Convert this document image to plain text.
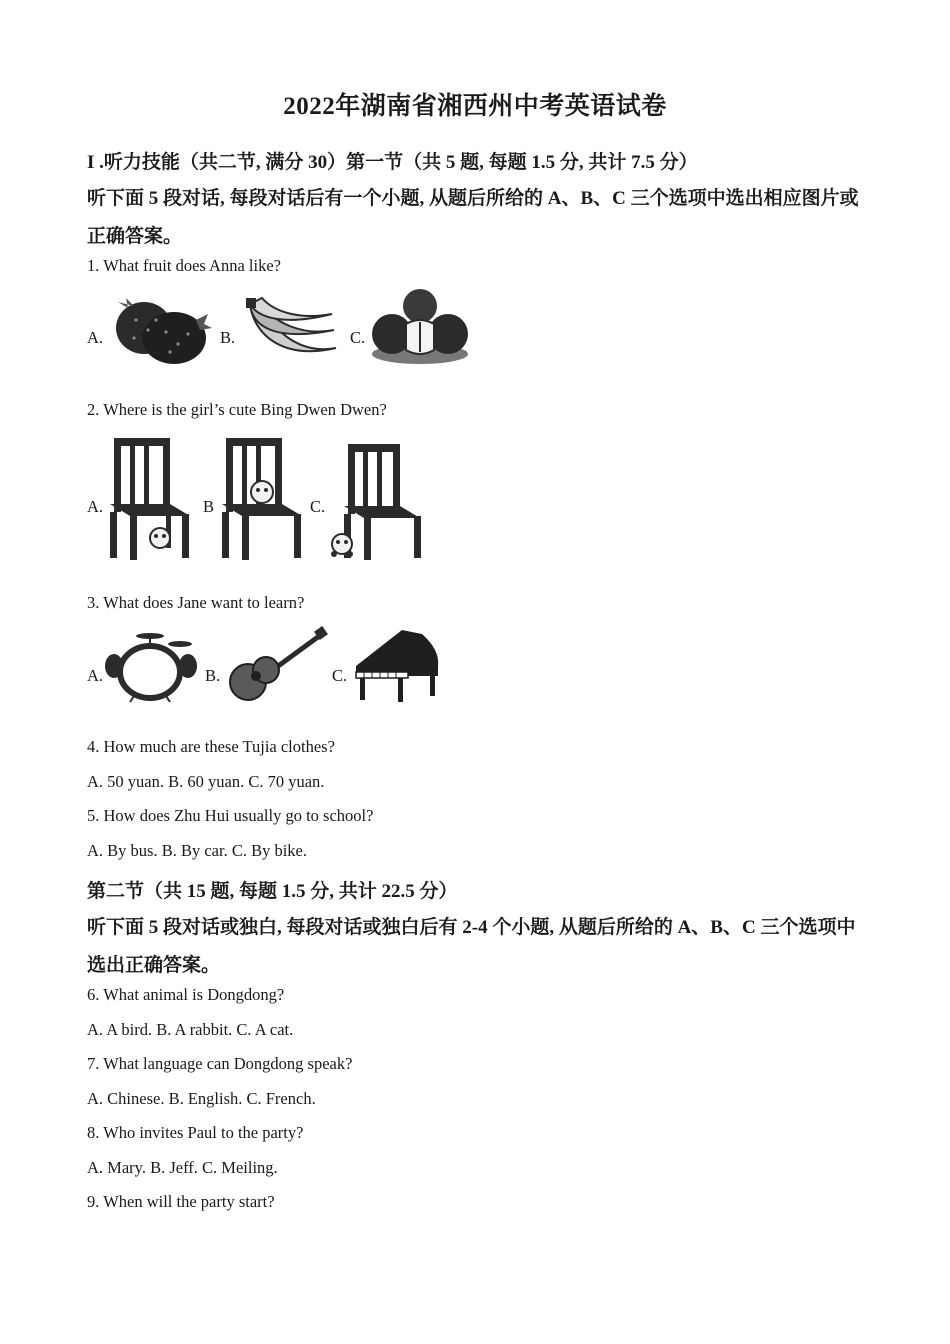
2022年湖南省湘西州中考英语试卷
I .听力技能（共二节, 满分 30）第一节（共 5 题, 每题 1.5 分, 共计 7.5 分）
听下面 5 段对话, 每段对话后有一个小题, 从题后所给的 A、B、C 三个选项中选出相应图片或
正确答案。
1. What fruit does Anna like?
A.	B.	C.
2. Where is the girl’s cute Bing Dwen Dwen?
A.	B	C.
3. What does Jane want to learn?
A.	B.	C.
4. How much are these Tujia clothes?
A. 50 yuan. B. 60 yuan. C. 70 yuan.
5. How does Zhu Hui usually go to school?
A. By bus. B. By car. C. By bike.
第二节（共 15 题, 每题 1.5 分, 共计 22.5 分）
听下面 5 段对话或独白, 每段对话或独白后有 2-4 个小题, 从题后所给的 A、B、C 三个选项中
选出正确答案。
6. What animal is Dongdong?
A. A bird. B. A rabbit. C. A cat.
7. What language can Dongdong speak?
A. Chinese. B. English. C. French.
8. Who invites Paul to the party?
A. Mary. B. Jeff. C. Meiling.
9. When will the party start?
